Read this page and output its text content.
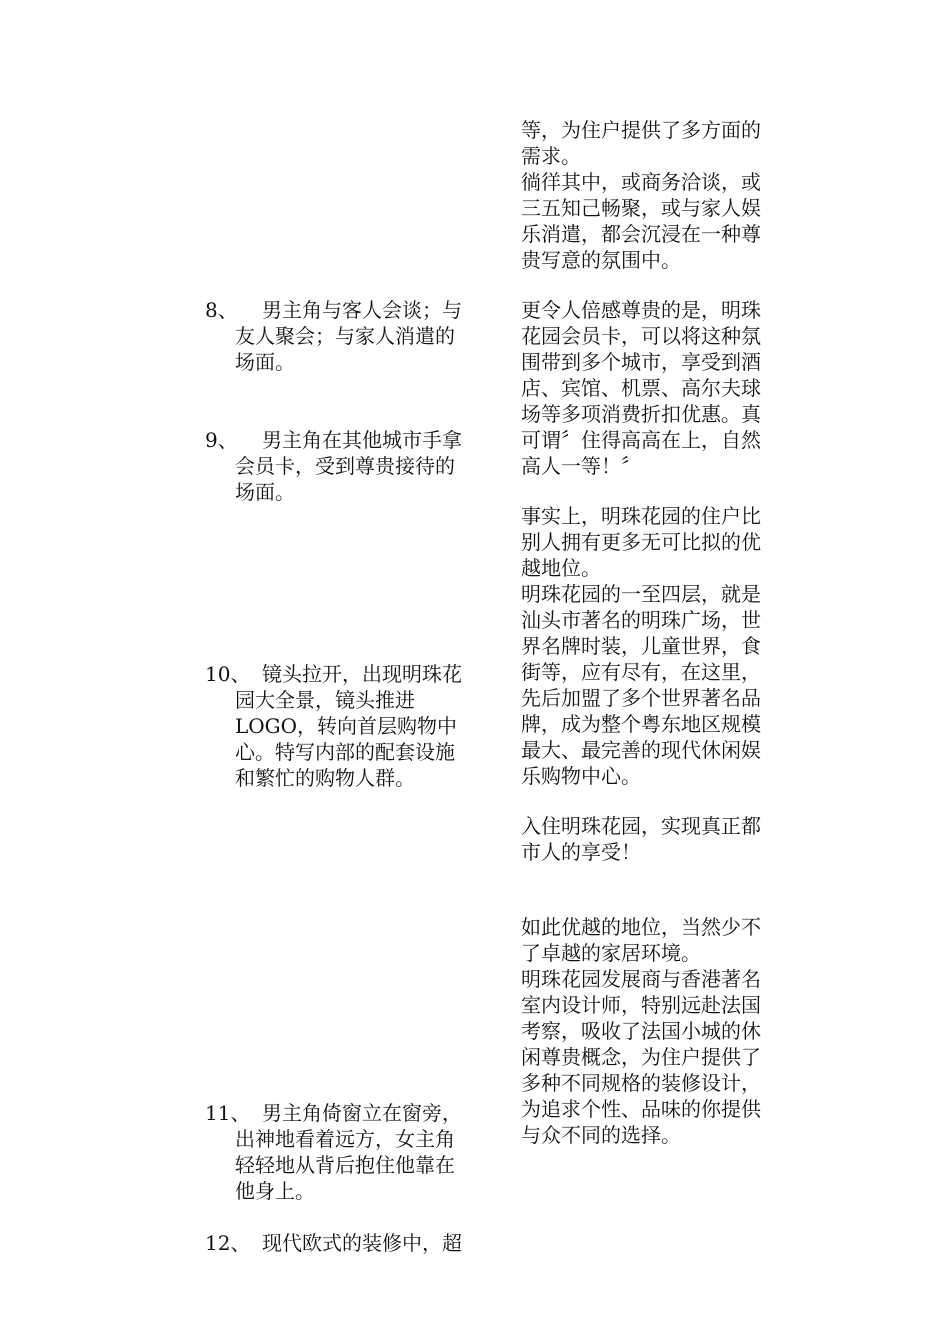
8、 　男主角与客人会谈；与
友人聚会；与家人消遣的
场面。
9、 　男主角在其他城市手拿
会员卡，受到尊贵接待的
场面。
10、
　镜头拉开，出现明珠花
园大全景，镜头推进
LOGO，转向首层购物中
心。特写内部的配套设施
和繁忙的购物人群。
11、
　男主角倚窗立在窗旁，
出神地看着远方，女主角
轻轻地从背后抱住他靠在
他身上。
12、
　现代欧式的装修中，超
等，为住户提供了多方面的
需求。
徜徉其中，或商务洽谈，或
三五知己畅聚，或与家人娱
乐消遣，都会沉浸在一种尊
贵写意的氛围中。
更令人倍感尊贵的是，明珠
花园会员卡，可以将这种氛
围带到多个城市，享受到酒
店、宾馆、机票、高尔夫球
场等多项消费折扣优惠。真
可谓〞住得高高在上，自然
高人一等！〞
事实上，明珠花园的住户比
别人拥有更多无可比拟的优
越地位。
明珠花园的一至四层，就是
汕头市著名的明珠广场，世
界名牌时装，儿童世界，食
街等，应有尽有，在这里，
先后加盟了多个世界著名品
牌，成为整个粤东地区规模
最大、最完善的现代休闲娱
乐购物中心。
入住明珠花园，实现真正都
市人的享受！
如此优越的地位，当然少不
了卓越的家居环境。
明珠花园发展商与香港著名
室内设计师，特别远赴法国
考察，吸收了法国小城的休
闲尊贵概念，为住户提供了
多种不同规格的装修设计，
为追求个性、品味的你提供
与众不同的选择。
